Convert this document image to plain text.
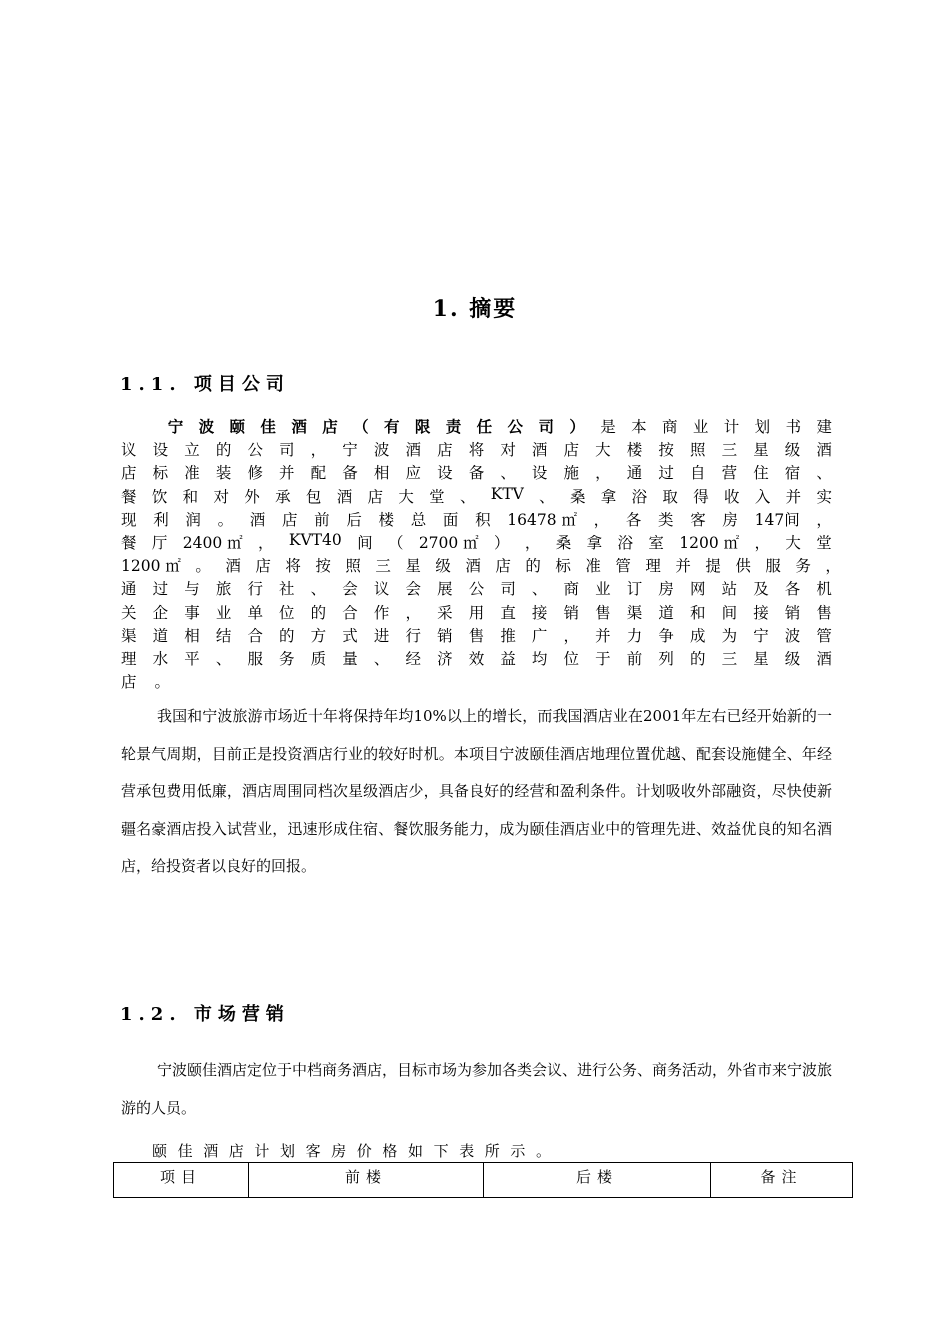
1. 摘要
1.1. 项目公司
宁 波 颐 佳 酒 店 （ 有 限 责 任 公 司 ） 是 本 商 业 计 划 书 建
议 设 立 的 公 司 ， 宁 波 酒 店 将 对 酒 店 大 楼 按 照 三 星 级 酒
店 标 准 装 修 并 配 备 相 应 设 备 、 设 施 ， 通 过 自 营 住 宿 、
餐 饮 和 对 外 承 包 酒 店 大 堂 、 KTV 、 桑 拿 浴 取 得 收 入 并 实
现 利 润 。 酒 店 前 后 楼 总 面 积 16478 ㎡ ， 各 类 客 房 147间 ，
餐 厅 2400 ㎡ ， KVT40 间 （ 2700 ㎡ ） ， 桑 拿 浴 室 1200 ㎡ ， 大 堂
1200 ㎡ 。 酒 店 将 按 照 三 星 级 酒 店 的 标 准 管 理 并 提 供 服 务 ，
通 过 与 旅 行 社 、 会 议 会 展 公 司 、 商 业 订 房 网 站 及 各 机
关 企 事 业 单 位 的 合 作 ， 采 用 直 接 销 售 渠 道 和 间 接 销 售
渠 道 相 结 合 的 方 式 进 行 销 售 推 广 ， 并 力 争 成 为 宁 波 管
理 水 平 、 服 务 质 量 、 经 济 效 益 均 位 于 前 列 的 三 星 级 酒
店 。

我国和宁波旅游市场近十年将保持年均10%以上的增长，而我国酒店业在2001年左右已经开始新的一轮景气周期，目前正是投资酒店行业的较好时机。本项目宁波颐佳酒店地理位置优越、配套设施健全、年经营承包费用低廉，酒店周围同档次星级酒店少，具备良好的经营和盈利条件。计划吸收外部融资，尽快使新疆名豪酒店投入试营业，迅速形成住宿、餐饮服务能力，成为颐佳酒店业中的管理先进、效益优良的知名酒店，给投资者以良好的回报。

1.2. 市场营销

宁波颐佳酒店定位于中档商务酒店，目标市场为参加各类会议、进行公务、商务活动，外省市来宁波旅游的人员。

颐佳酒店计划客房价格如下表所示。
项目	前楼	后楼	备注
